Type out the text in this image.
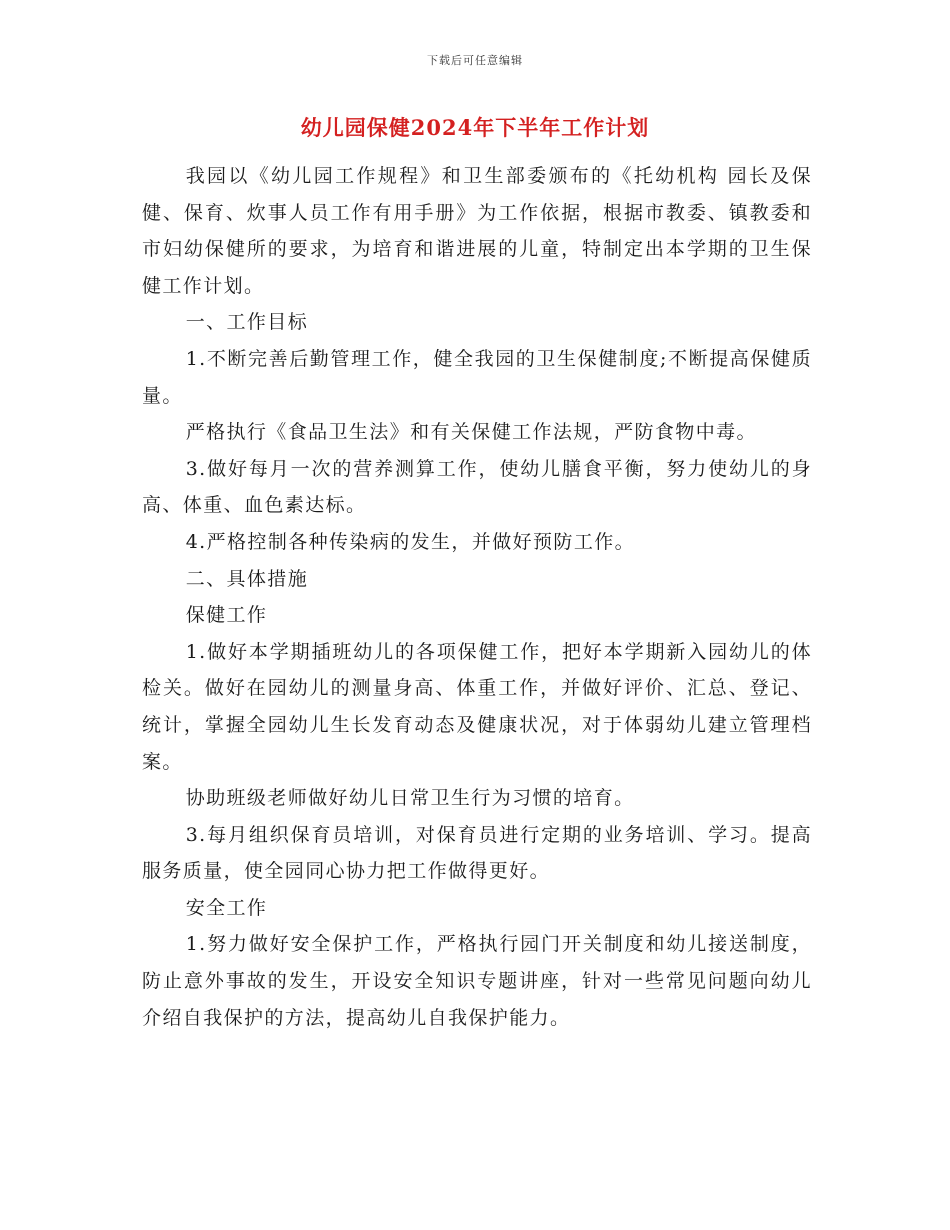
下载后可任意编辑
幼儿园保健2024年下半年工作计划

我园以《幼儿园工作规程》和卫生部委颁布的《托幼机构 园长及保健、保育、炊事人员工作有用手册》为工作依据，根据市教委、镇教委和市妇幼保健所的要求，为培育和谐进展的儿童，特制定出本学期的卫生保健工作计划。

一、工作目标

1.不断完善后勤管理工作，健全我园的卫生保健制度;不断提高保健质量。

严格执行《食品卫生法》和有关保健工作法规，严防食物中毒。

3.做好每月一次的营养测算工作，使幼儿膳食平衡，努力使幼儿的身高、体重、血色素达标。

4.严格控制各种传染病的发生，并做好预防工作。

二、具体措施

保健工作

1.做好本学期插班幼儿的各项保健工作，把好本学期新入园幼儿的体检关。做好在园幼儿的测量身高、体重工作，并做好评价、汇总、登记、统计，掌握全园幼儿生长发育动态及健康状况，对于体弱幼儿建立管理档案。

协助班级老师做好幼儿日常卫生行为习惯的培育。

3.每月组织保育员培训，对保育员进行定期的业务培训、学习。提高服务质量，使全园同心协力把工作做得更好。

安全工作

1.努力做好安全保护工作，严格执行园门开关制度和幼儿接送制度，防止意外事故的发生，开设安全知识专题讲座，针对一些常见问题向幼儿介绍自我保护的方法，提高幼儿自我保护能力。
